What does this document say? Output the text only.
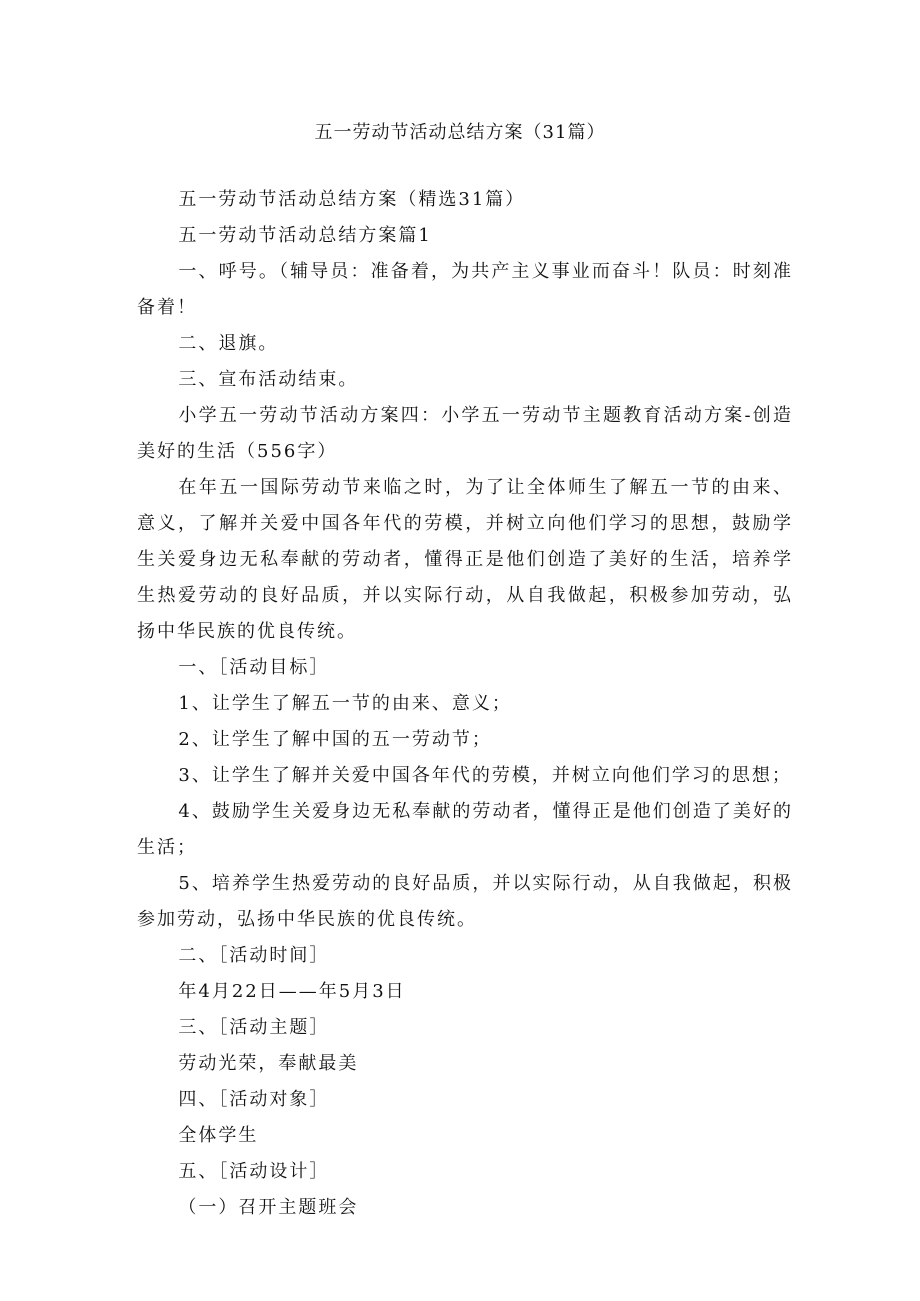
五一劳动节活动总结方案（31篇）

五一劳动节活动总结方案（精选31篇）

五一劳动节活动总结方案篇1

一、呼号。（辅导员：准备着，为共产主义事业而奋斗！队员：时刻准备着！

二、退旗。

三、宣布活动结束。

小学五一劳动节活动方案四：小学五一劳动节主题教育活动方案-创造美好的生活（556字）

在年五一国际劳动节来临之时，为了让全体师生了解五一节的由来、意义，了解并关爱中国各年代的劳模，并树立向他们学习的思想，鼓励学生关爱身边无私奉献的劳动者，懂得正是他们创造了美好的生活，培养学生热爱劳动的良好品质，并以实际行动，从自我做起，积极参加劳动，弘扬中华民族的优良传统。

一、［活动目标］

1、让学生了解五一节的由来、意义；

2、让学生了解中国的五一劳动节；

3、让学生了解并关爱中国各年代的劳模，并树立向他们学习的思想；

4、鼓励学生关爱身边无私奉献的劳动者，懂得正是他们创造了美好的生活；

5、培养学生热爱劳动的良好品质，并以实际行动，从自我做起，积极参加劳动，弘扬中华民族的优良传统。

二、［活动时间］

年4月22日——年5月3日

三、［活动主题］

劳动光荣，奉献最美

四、［活动对象］

全体学生

五、［活动设计］

（一）召开主题班会
